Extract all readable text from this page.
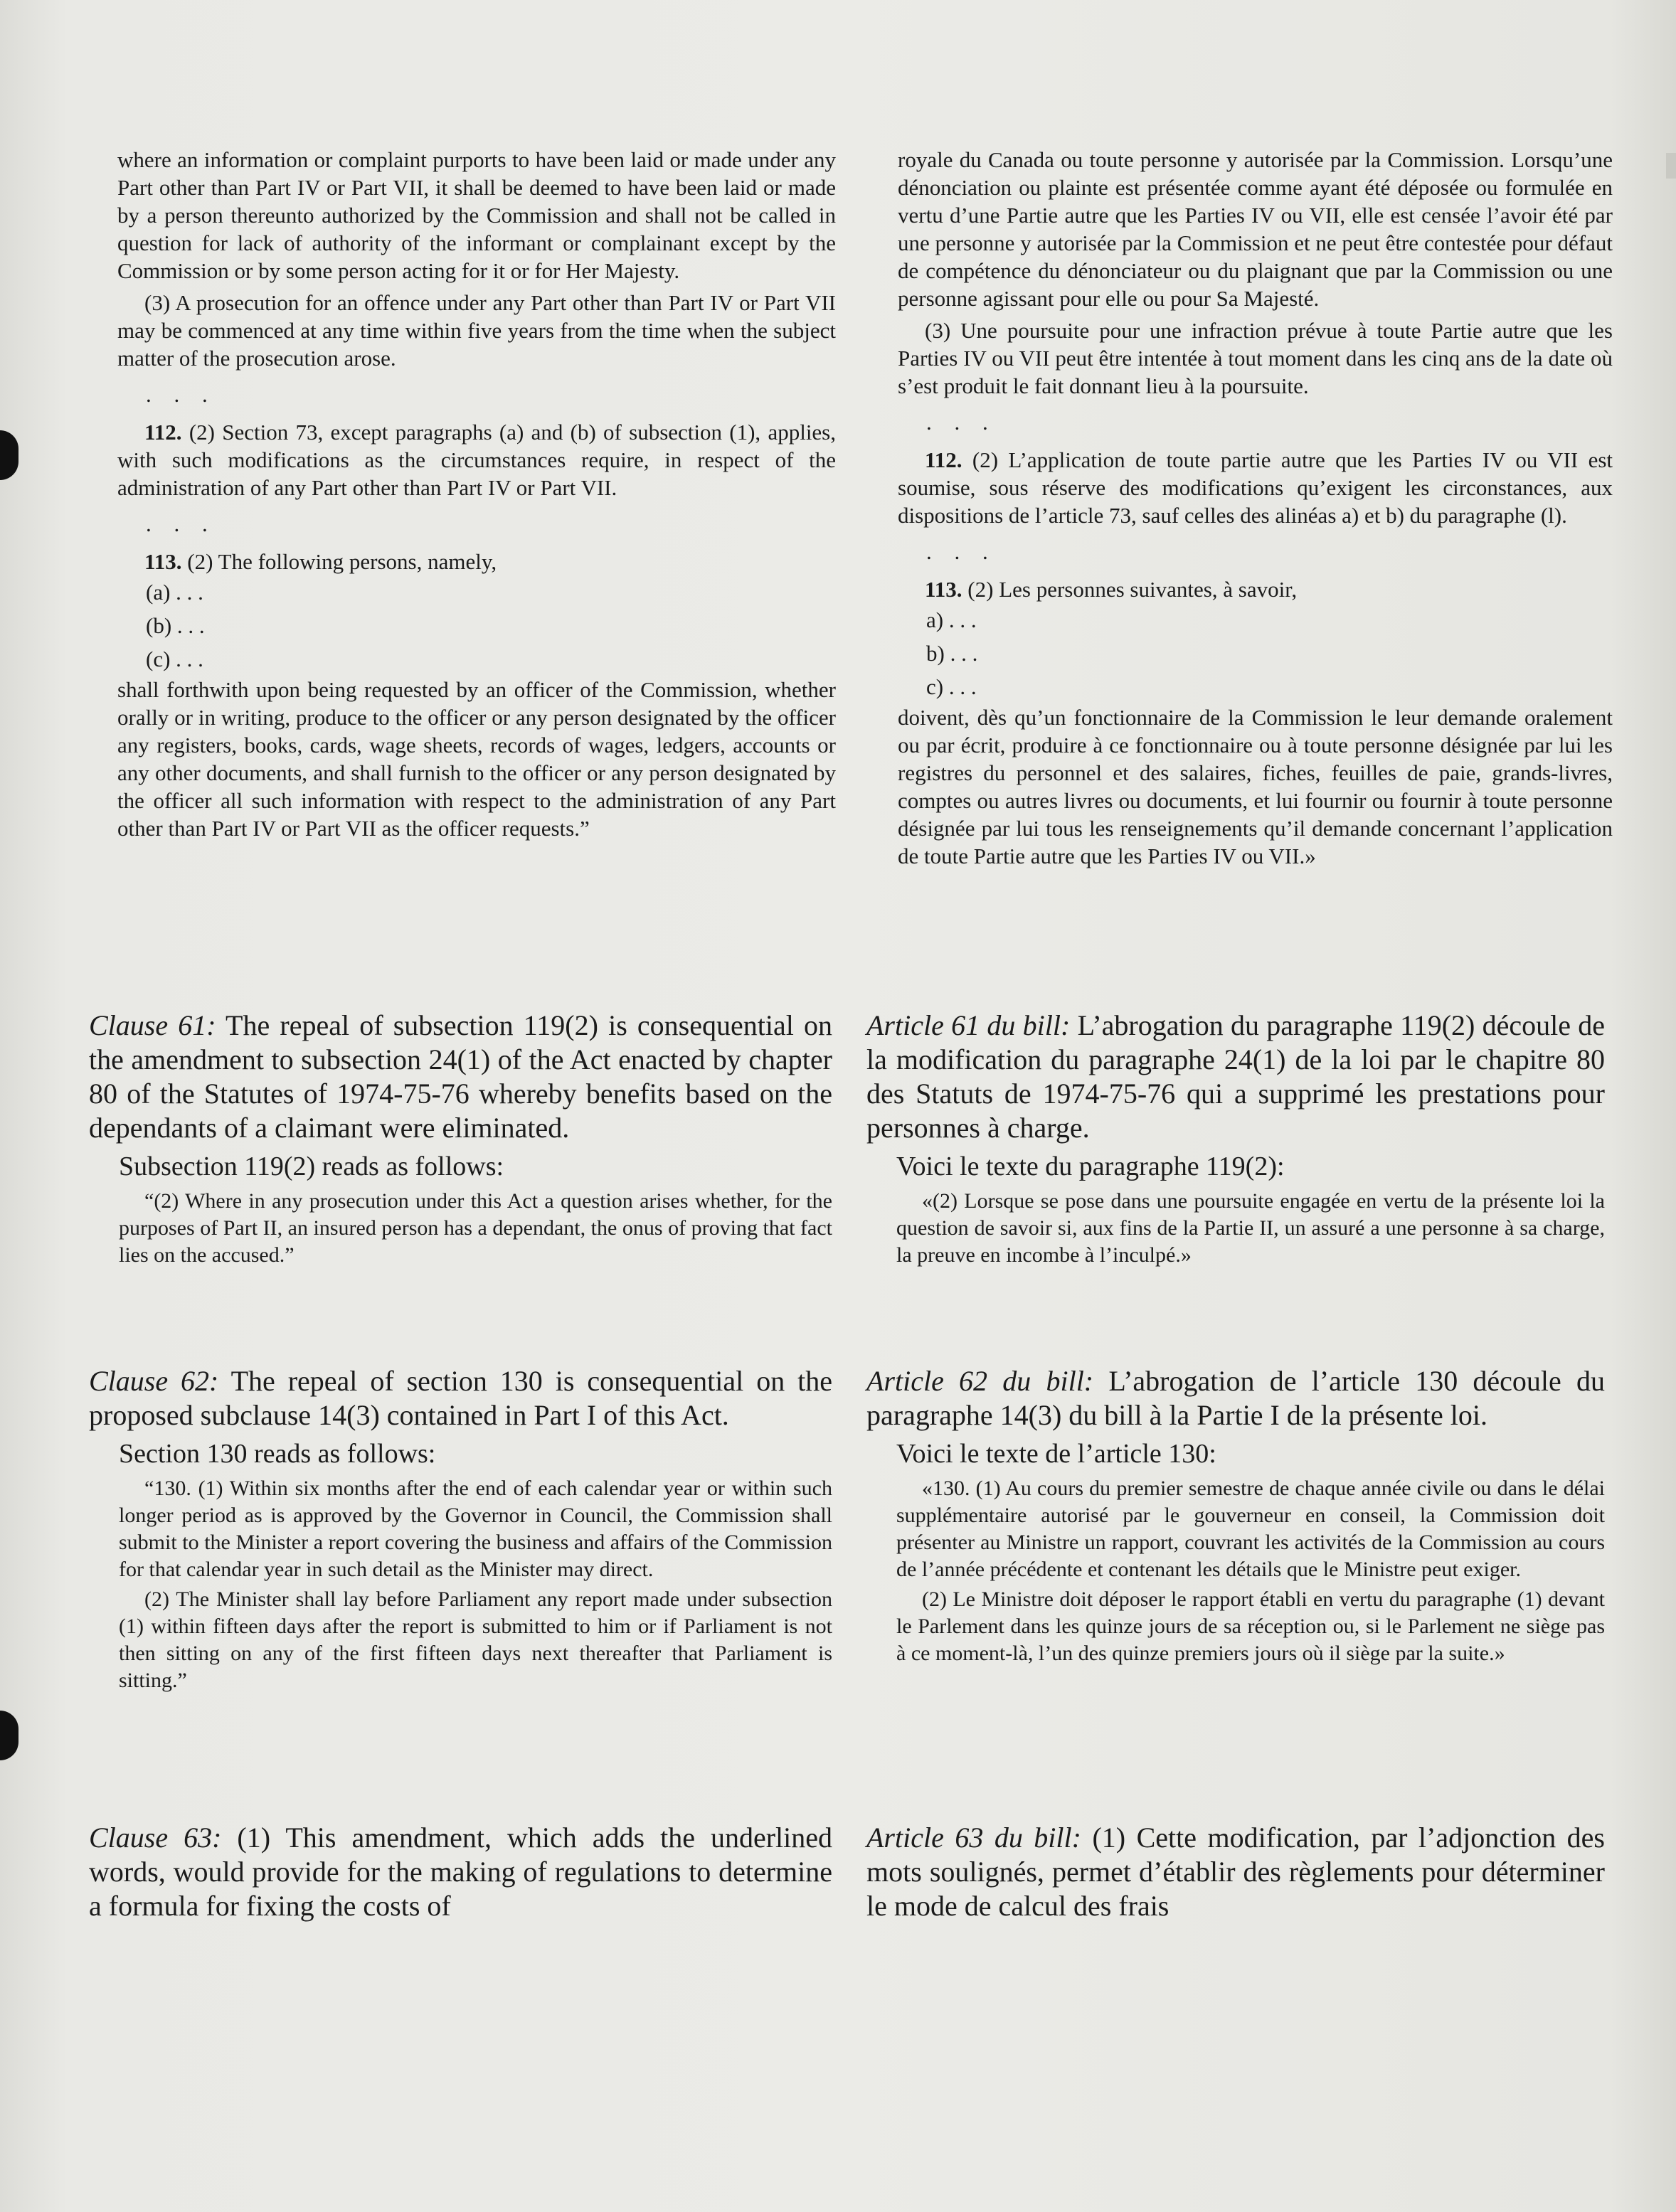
where an information or complaint purports to have been laid or made under any Part other than Part IV or Part VII, it shall be deemed to have been laid or made by a person thereunto authorized by the Commission and shall not be called in question for lack of authority of the informant or complainant except by the Commission or by some person acting for it or for Her Majesty.

(3) A prosecution for an offence under any Part other than Part IV or Part VII may be commenced at any time within five years from the time when the subject matter of the prosecution arose.

. . .

112. (2) Section 73, except paragraphs (a) and (b) of subsection (1), applies, with such modifications as the circumstances require, in respect of the administration of any Part other than Part IV or Part VII.

. . .

113. (2) The following persons, namely,

(a) . . .
(b) . . .
(c) . . .

shall forthwith upon being requested by an officer of the Commission, whether orally or in writing, produce to the officer or any person designated by the officer any registers, books, cards, wage sheets, records of wages, ledgers, accounts or any other documents, and shall furnish to the officer or any person designated by the officer all such information with respect to the administration of any Part other than Part IV or Part VII as the officer requests.”

royale du Canada ou toute personne y autorisée par la Commission. Lorsqu’une dénonciation ou plainte est présentée comme ayant été déposée ou formulée en vertu d’une Partie autre que les Parties IV ou VII, elle est censée l’avoir été par une personne y autorisée par la Commission et ne peut être contestée pour défaut de compétence du dénonciateur ou du plaignant que par la Commission ou une personne agissant pour elle ou pour Sa Majesté.

(3) Une poursuite pour une infraction prévue à toute Partie autre que les Parties IV ou VII peut être intentée à tout moment dans les cinq ans de la date où s’est produit le fait donnant lieu à la poursuite.

. . .

112. (2) L’application de toute partie autre que les Parties IV ou VII est soumise, sous réserve des modifications qu’exigent les circonstances, aux dispositions de l’article 73, sauf celles des alinéas a) et b) du paragraphe (l).

. . .

113. (2) Les personnes suivantes, à savoir,

a) . . .
b) . . .
c) . . .

doivent, dès qu’un fonctionnaire de la Commission le leur demande oralement ou par écrit, produire à ce fonctionnaire ou à toute personne désignée par lui les registres du personnel et des salaires, fiches, feuilles de paie, grands-livres, comptes ou autres livres ou documents, et lui fournir ou fournir à toute personne désignée par lui tous les renseignements qu’il demande concernant l’application de toute Partie autre que les Parties IV ou VII.»

Clause 61: The repeal of subsection 119(2) is consequential on the amendment to subsection 24(1) of the Act enacted by chapter 80 of the Statutes of 1974-75-76 whereby benefits based on the dependants of a claimant were eliminated.

Subsection 119(2) reads as follows:

“(2) Where in any prosecution under this Act a question arises whether, for the purposes of Part II, an insured person has a dependant, the onus of proving that fact lies on the accused.”

Article 61 du bill: L’abrogation du paragraphe 119(2) découle de la modification du paragraphe 24(1) de la loi par le chapitre 80 des Statuts de 1974-75-76 qui a supprimé les prestations pour personnes à charge.

Voici le texte du paragraphe 119(2):

«(2) Lorsque se pose dans une poursuite engagée en vertu de la présente loi la question de savoir si, aux fins de la Partie II, un assuré a une personne à sa charge, la preuve en incombe à l’inculpé.»

Clause 62: The repeal of section 130 is consequential on the proposed subclause 14(3) contained in Part I of this Act.

Section 130 reads as follows:

“130. (1) Within six months after the end of each calendar year or within such longer period as is approved by the Governor in Council, the Commission shall submit to the Minister a report covering the business and affairs of the Commission for that calendar year in such detail as the Minister may direct.

(2) The Minister shall lay before Parliament any report made under subsection (1) within fifteen days after the report is submitted to him or if Parliament is not then sitting on any of the first fifteen days next thereafter that Parliament is sitting.”

Article 62 du bill: L’abrogation de l’article 130 découle du paragraphe 14(3) du bill à la Partie I de la présente loi.

Voici le texte de l’article 130:

«130. (1) Au cours du premier semestre de chaque année civile ou dans le délai supplémentaire autorisé par le gouverneur en conseil, la Commission doit présenter au Ministre un rapport, couvrant les activités de la Commission au cours de l’année précédente et contenant les détails que le Ministre peut exiger.

(2) Le Ministre doit déposer le rapport établi en vertu du paragraphe (1) devant le Parlement dans les quinze jours de sa réception ou, si le Parlement ne siège pas à ce moment-là, l’un des quinze premiers jours où il siège par la suite.»

Clause 63: (1) This amendment, which adds the underlined words, would provide for the making of regulations to determine a formula for fixing the costs of

Article 63 du bill: (1) Cette modification, par l’adjonction des mots soulignés, permet d’établir des règlements pour déterminer le mode de calcul des frais
